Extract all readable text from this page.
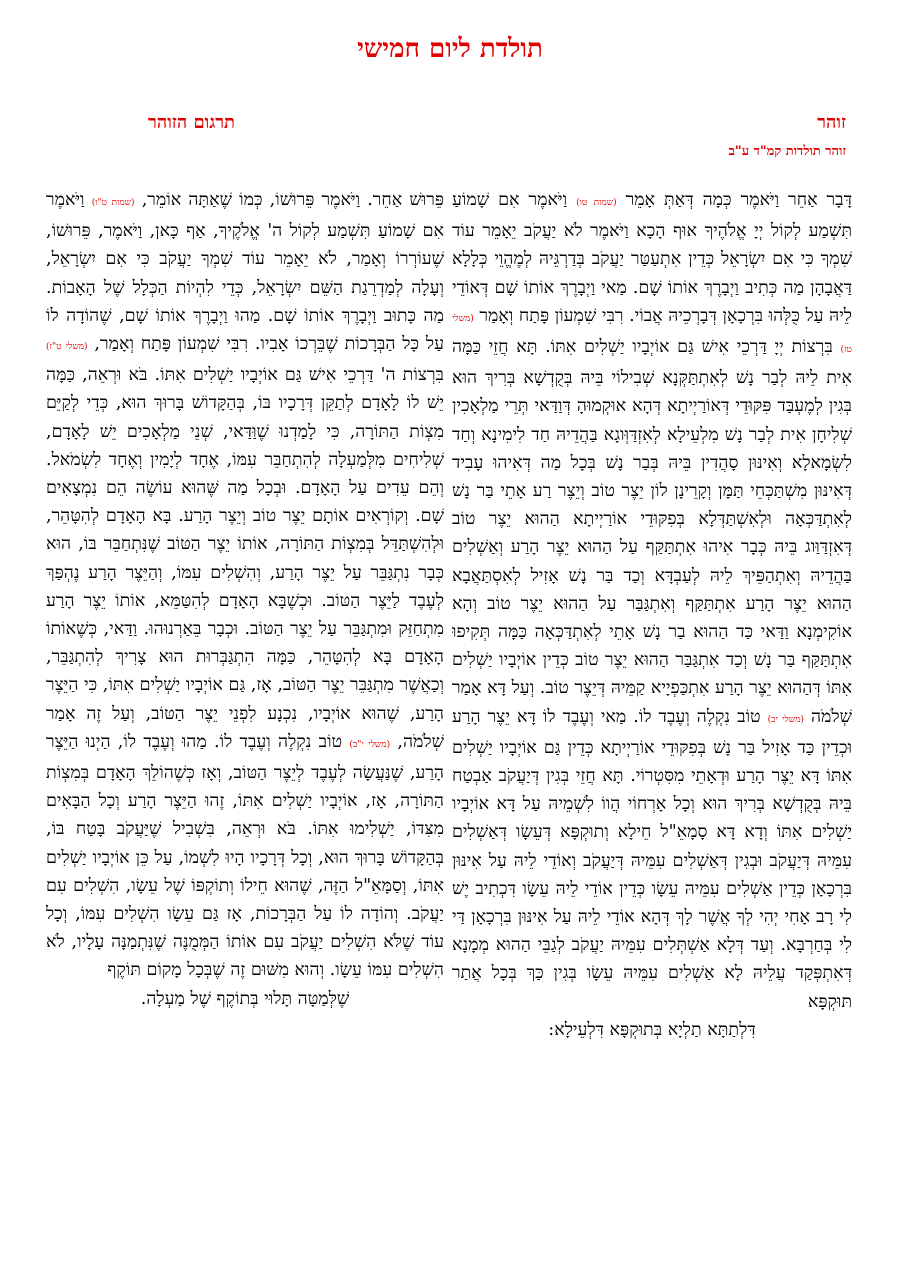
תולדת ליום חמישי
זוהר
תרגום הזוהר
זוהר תולדות קמ"ד ע"ב

דָּבָר אַחֵר וַיֹּאמֶר כְּמָה דְּאַתְּ אָמֵר (שמות טו) וַיֹּאמֶר אִם שָׁמוֹעַ תִּשְׁמַע לְקוֹל יְיָ אֱלֹהֶיךָ אוּף הָכָא וַיֹּאמֶר לֹא יַעֲקֹב יֵאָמֵר עוֹד שִׁמְךָ כִּי אִם יִשְׂרָאֵל כְּדֵין אִתְעַטַּר יַעֲקֹב בְּדַרְגֵּיהּ לְמֶהֱוֵי כְּלָלָא דַּאֲבָהָן מַה כְּתִיב וַיְבָרֶךְ אוֹתוֹ שָׁם. מַאי וַיְבָרֶךְ אוֹתוֹ שָׁם דְּאוֹדֵי לֵיהּ עַל כֻּלְּהוּ בִּרְכָאָן דְּבָרְכֵיהּ אֲבוֹי. רִבִּי שִׁמְעוֹן פָּתַח וְאָמַר (משלי טז) בִּרְצוֹת יְיָ דַּרְכֵי אִישׁ גַּם אוֹיְבָיו יַשְׁלִים אִתּוֹ. תָּא חֲזֵי כַּמָּה אִית לֵיהּ לְבַר נָשׁ לְאִתְתַּקְּנָא שְׁבִילוֹי בֵּיהּ בְּקֻדְשָׁא בְּרִיךְ הוּא בְּגִין לְמֶעְבַּד פִּקּוּדֵי דְּאוֹרַיְיתָא דְּהָא אוּקְמוּהָ דְּוַדַּאי תְּרֵי מַלְאָכִין שְׁלִיחָן אִית לְבַר נָשׁ מִלְעֵילָא לְאִזְדַּוְּוגָא בַּהֲדֵיהּ חַד לִימִינָא וְחַד לִשְׂמָאלָא וְאִינּוּן סָהֲדִין בֵּיהּ בְּבַר נָשׁ בְּכָל מַה דְּאִיהוּ עָבִיד דְּאִינּוּן מִשְׁתַּכְּחֵי תַּמָּן וְקָרֵינָן לוֹן יֵצֶר טוֹב וְיֵצֶר רַע אָתֵי בַּר נָשׁ לְאִתְדַּכְּאָה וּלְאִשְׁתַּדְּלָא בְּפִקּוּדֵי אוֹרַיְיתָא הַהוּא יֵצֶר טוֹב דְּאִזְדַּוַּוג בֵּיהּ כְּבָר אִיהוּ אִתְתַּקַּף עַל הַהוּא יֵצֶר הָרַע וְאַשְׁלִים בַּהֲדֵיהּ וְאִתְהַפֵּיךְ לֵיהּ לְעַבְדָּא וְכַד בַּר נָשׁ אָזִיל לְאִסְתַּאֲבָא הַהוּא יֵצֶר הָרַע אִתְתַּקַּף וְאִתְגַּבַּר עַל הַהוּא יֵצֶר טוֹב וְהָא אוֹקִימְנָא וַדַּאי כַּד הַהוּא בַר נָשׁ אָתֵי לְאִתְדַּכְּאָה כַּמָּה תְּקִיפוּ אִתְתַּקַּף בַּר נָשׁ וְכַד אִתְגַּבַּר הַהוּא יֵצֶר טוֹב כְּדֵין אוֹיְבָיו יַשְׁלִים אִתּוֹ דְּהַהוּא יֵצֶר הָרַע אִתְכַּפְיָיא קַמֵּיהּ דְּיֵצֶר טוֹב. וְעַל דָּא אָמַר שְׁלֹמֹה (משלי יב) טוֹב נִקְלֶה וְעֶבֶד לוֹ. מַאי וְעֶבֶד לוֹ דָּא יֵצֶר הָרַע וּכְדֵין כַּד אָזִיל בַּר נָשׁ בְּפִקּוּדֵי אוֹרַיְיתָא כְּדֵין גַּם אוֹיְבָיו יַשְׁלִים אִתּוֹ דָּא יֵצֶר הָרַע וּדְאָתֵי מִסִּטְרוֹי. תָּא חֲזֵי בְּגִין דְּיַעֲקֹב אַבְטַח בֵּיהּ בְּקֻדְשָׁא בְּרִיךְ הוּא וְכָל אָרְחוֹי הֲווֹ לִשְׁמֵיהּ עַל דָּא אוֹיְבָיו יַשְׁלִים אִתּוֹ וְדָא דָּא סָמָאֵ"ל חֵילָא וְתוּקְפָּא דְּעֵשָׂו דְּאַשְׁלִים עִמֵּיהּ דְּיַעֲקֹב וּבְגִין דְּאַשְׁלִים עִמֵּיהּ דְּיַעֲקֹב וְאוֹדֵי לֵיהּ עַל אִינּוּן בִּרְכָאָן כְּדֵין אַשְׁלִים עִמֵּיהּ עֵשָׂו כְּדֵין אוֹדֵי לֵיהּ עֵשָׂו דִּכְתִיב יֶשׁ לִי רָב אָחִי יְהִי לְךָ אֲשֶׁר לָךְ דְּהָא אוֹדֵי לֵיהּ עַל אִינּוּן בִּרְכָאָן דַּי לִי בְּחַרְבָּא. וְעַד דְּלָא אַשְׁתְּלִים עִמֵּיהּ יַעֲקֹב לְגַבֵּי הַהוּא מְמָנָא דְּאִתְפְּקַד עֲלֵיהּ לָא אַשְׁלִים עִמֵּיהּ עֵשָׂו בְּגִין כַּךְ בְּכָל אֲתַר תּוּקְפָּא

דִּלְתַתָּא תַלְיָא בְּתוּקְפָּא דִּלְעֵילָא:

פֵּרוּשׁ אַחֵר. וַיֹּאמֶר פֵּרוּשׁוֹ, כְּמוֹ שֶׁאַתָּה אוֹמֵר, (שמות ט"ו) וַיֹּאמֶר אִם שָׁמוֹעַ תִּשְׁמַע לְקוֹל ה' אֱלֹקֶיךָ, אַף כָּאן, וַיֹּאמֶר, פֵּרוּשׁוֹ, שֶׁעוֹרְרוֹ וְאָמַר, לֹא יֵאָמֵר עוֹד שִׁמְךָ יַעֲקֹב כִּי אִם יִשְׂרָאֵל, וְעָלָה לְמַדְרֵגַת הַשֵּׁם יִשְׂרָאֵל, כְּדֵי לִהְיוֹת הַכְּלָל שֶׁל הָאָבוֹת. מַה כָּתוּב וַיְבָרֶךְ אוֹתוֹ שָׁם. מַהוּ וַיְבָרֶךְ אוֹתוֹ שָׁם, שֶׁהוֹדָה לוֹ עַל כָּל הַבְּרָכוֹת שֶׁבֵּרְכוֹ אָבִיו. רִבִּי שִׁמְעוֹן פָּתַח וְאָמַר, (משלי ט"ז) בִּרְצוֹת ה' דַּרְכֵי אִישׁ גַּם אוֹיְבָיו יַשְׁלִים אִתּוֹ. בֹּא וּרְאֵה, כַּמָּה יֵשׁ לוֹ לָאָדָם לְתַקֵּן דְּרָכָיו בּוֹ, בְּהַקָּדוֹשׁ בָּרוּךְ הוּא, כְּדֵי לְקַיֵּם מִצְוֹת הַתּוֹרָה, כִּי לָמַדְנוּ שֶׁוַּדַּאי, שְׁנֵי מַלְאָכִים יֵשׁ לָאָדָם, שְׁלִיחִים מִלְּמַעְלָה לְהִתְחַבֵּר עִמּוֹ, אֶחָד לְיָמִין וְאֶחָד לִשְׂמֹאל. וְהֵם עֵדִים עַל הָאָדָם. וּבְכָל מַה שֶּׁהוּא עוֹשֶׂה הֵם נִמְצָאִים שָׁם. וְקוֹרְאִים אוֹתָם יֵצֶר טוֹב וְיֵצֶר הָרַע. בָּא הָאָדָם לְהִטָּהֵר, וּלְהִשְׁתַּדֵּל בְּמִצְוֹת הַתּוֹרָה, אוֹתוֹ יֵצֶר הַטּוֹב שֶׁנִּתְחַבֵּר בּוֹ, הוּא כְּבָר נִתְגַּבֵּר עַל יֵצֶר הָרַע, וְהִשְׁלִים עִמּוֹ, וְהַיֵּצֶר הָרַע נֶהְפַּךְ לְעֶבֶד לַיֵּצֶר הַטּוֹב. וּכְשֶׁבָּא הָאָדָם לְהִטַּמֵּא, אוֹתוֹ יֵצֶר הָרַע מִתְחַזֵּק וּמִתְגַּבֵּר עַל יֵצֶר הַטּוֹב. וּכְבָר בֵּאַרְנוּהוּ. וַדַּאי, כְּשֶׁאוֹתוֹ הָאָדָם בָּא לְהִטָּהֵר, כַּמָּה הִתְגַּבְּרוּת הוּא צָרִיךְ לְהִתְגַּבֵּר, וְכַאֲשֶׁר מִתְגַּבֵּר יֵצֶר הַטּוֹב, אָז, גַּם אוֹיְבָיו יַשְׁלִים אִתּוֹ, כִּי הַיֵּצֶר הָרַע, שֶׁהוּא אוֹיְבָיו, נִכְנָע לִפְנֵי יֵצֶר הַטּוֹב, וְעַל זֶה אָמַר שְׁלֹמֹה, (משלי י"ב) טוֹב נִקְלֶה וְעֶבֶד לוֹ. מַהוּ וְעֶבֶד לוֹ, הַיְנוּ הַיֵּצֶר הָרַע, שֶׁנַּעֲשָׂה לְעֶבֶד לְיֵצֶר הַטּוֹב, וְאָז כְּשֶׁהוֹלֵךְ הָאָדָם בְּמִצְוֹת הַתּוֹרָה, אָז, אוֹיְבָיו יַשְׁלִים אִתּוֹ, זֶהוּ הַיֵּצֶר הָרַע וְכָל הַבָּאִים מִצִּדּוֹ, יַשְׁלִימוּ אִתּוֹ. בֹּא וּרְאֵה, בִּשְׁבִיל שֶׁיַּעֲקֹב בָּטַח בּוֹ, בְּהַקָּדוֹשׁ בָּרוּךְ הוּא, וְכָל דְּרָכָיו הָיוּ לִשְׁמוֹ, עַל כֵּן אוֹיְבָיו יַשְׁלִים אִתּוֹ, וְסַמָּאֵ"ל הַזֶּה, שֶׁהוּא חֵילוֹ וְתוֹקְפּוֹ שֶׁל עֵשָׂו, הִשְׁלִים עִם יַעֲקֹב. וְהוֹדָה לוֹ עַל הַבְּרָכוֹת, אָז גַּם עֵשָׂו הִשְׁלִים עִמּוֹ, וְכָל עוֹד שֶׁלֹּא הִשְׁלִים יַעֲקֹב עִם אוֹתוֹ הַמְּמֻנֶּה שֶׁנִּתְמַנָּה עָלָיו, לֹא הִשְׁלִים עִמּוֹ עֵשָׂו. וְהוּא מִשּׁוּם זֶה שֶׁבְּכָל מָקוֹם תּוֹקֶף

שֶׁלְּמַטָּה תָּלוּי בְּתוֹקֶף שֶׁל מַעְלָה.
